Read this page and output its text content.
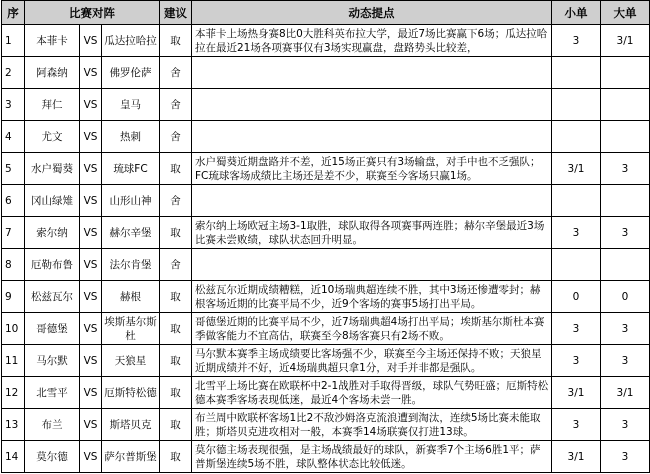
序	比赛对阵			建议	动态提点	小单	大单
1	本菲卡	VS	瓜达拉哈拉	取	本菲卡上场热身赛8比0大胜科英布拉大学，最近7场比赛赢下6场；瓜达拉哈拉在最近21场各项赛事仅有3场实现赢盘，盘路势头比较差，	3	3/1
2	阿森纳	VS	佛罗伦萨	舍			
3	拜仁	VS	皇马	舍			
4	尤文	VS	热刺	舍			
5	水户蜀葵	VS	琉球FC	取	水户蜀葵近期盘路并不差，近15场正赛只有3场输盘，对手中也不乏强队；FC琉球客场成绩比主场还是差不少，联赛至今客场只赢1场。	3/1	3
6	冈山绿雉	VS	山形山神	舍			
7	索尔纳	VS	赫尔辛堡	取	索尔纳上场欧冠主场3-1取胜，球队取得各项赛事两连胜；赫尔辛堡最近3场比赛未尝败绩，球队状态回升明显。	3	3
8	厄勒布鲁	VS	法尔肯堡	舍			
9	松兹瓦尔	VS	赫根	取	松兹瓦尔近期成绩糟糕，近10场瑞典超连续不胜，其中3场还惨遭零封；赫根客场近期的比赛平局不少，近9个客场的赛事5场打出平局。	0	0
10	哥德堡	VS	埃斯基尔斯杜	取	哥德堡近期的比赛平局不少，近7场瑞典超4场打出平局；埃斯基尔斯杜本赛季做客能力不宜高估，联赛至今8场客赛只有2场不败。	3	3
11	马尔默	VS	天狼星	取	马尔默本赛季主场成绩要比客场强不少，联赛至今主场还保持不败；天狼星近期成绩并不好，近4场瑞典超只拿1分，对手并非都是强队。	3	3
12	北雪平	VS	厄斯特松德	取	北雪平上场比赛在欧联杯中2-1战胜对手取得晋级，球队气势旺盛；厄斯特松德本赛季客场表现低迷，最近4个客场未尝一胜。	3/1	3/1
13	布兰	VS	斯塔贝克	取	布兰周中欧联杯客场1比2不敌沙姆洛克流浪遭到淘汰，连续5场比赛未能取胜；斯塔贝克进攻相对一般，本赛季14场联赛仅打进13球。	3	3
14	莫尔德	VS	萨尔普斯堡	取	莫尔德主场表现很强，是主场战绩最好的球队，新赛季7个主场6胜1平；萨普斯堡连续5场不胜，球队整体状态比较低迷。	3/1	3
